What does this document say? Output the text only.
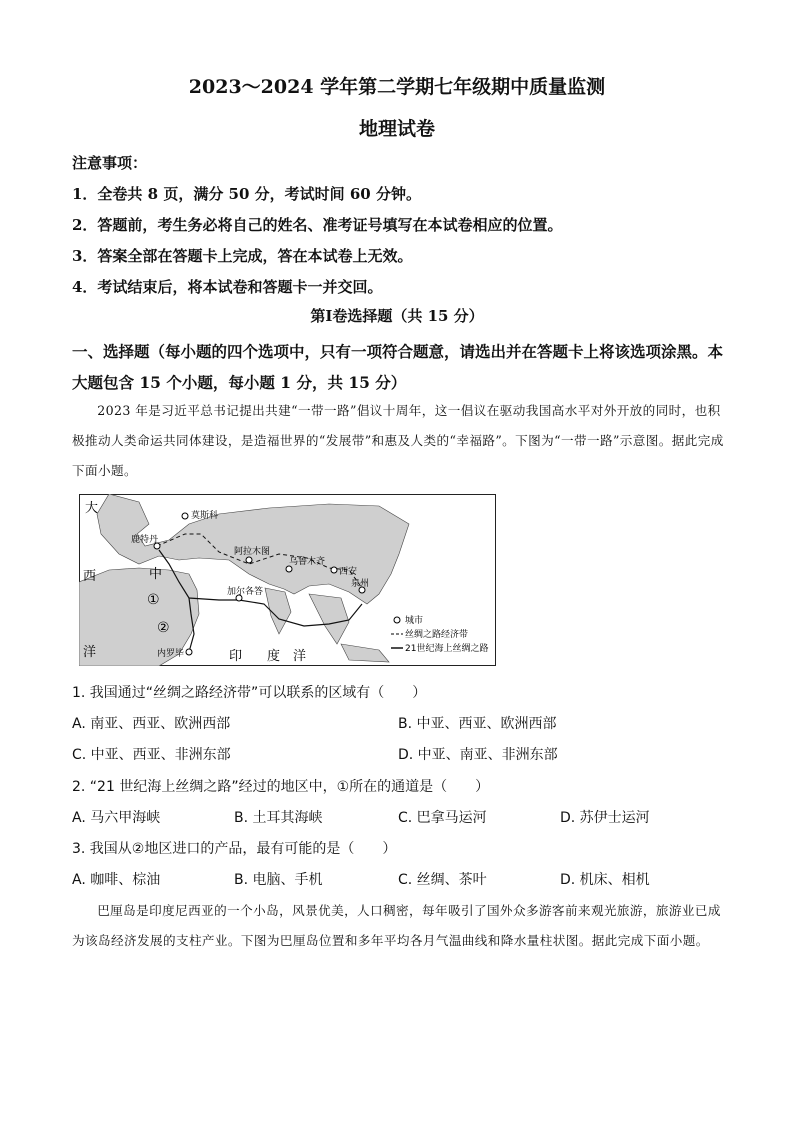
2023～2024 学年第二学期七年级期中质量监测
地理试卷
注意事项：
1．全卷共 8 页，满分 50 分，考试时间 60 分钟。
2．答题前，考生务必将自己的姓名、准考证号填写在本试卷相应的位置。
3．答案全部在答题卡上完成，答在本试卷上无效。
4．考试结束后，将本试卷和答题卡一并交回。
第Ⅰ卷选择题（共 15 分）
一、选择题（每小题的四个选项中，只有一项符合题意，请选出并在答题卡上将该选项涂黑。本大题包含 15 个小题，每小题 1 分，共 15 分）
2023 年是习近平总书记提出共建“一带一路”倡议十周年，这一倡议在驱动我国高水平对外开放的同时，也积极推动人类命运共同体建设，是造福世界的“发展带”和惠及人类的“幸福路”。下图为“一带一路”示意图。据此完成下面小题。
莫斯科
鹿特丹
阿拉木图
乌鲁木齐
西安
泉州
加尔各答
内罗毕
大
西	中
洋	印 度 洋
①
②	城市
丝绸之路经济带
21世纪海上丝绸之路
1. 我国通过“丝绸之路经济带”可以联系的区域有（　　）
A. 南亚、西亚、欧洲西部	B. 中亚、西亚、欧洲西部
C. 中亚、西亚、非洲东部	D. 中亚、南亚、非洲东部
2. “21 世纪海上丝绸之路”经过的地区中，①所在的通道是（　　）
A. 马六甲海峡	B. 土耳其海峡	C. 巴拿马运河	D. 苏伊士运河
3. 我国从②地区进口的产品，最有可能的是（　　）
A. 咖啡、棕油	B. 电脑、手机	C. 丝绸、茶叶	D. 机床、相机
巴厘岛是印度尼西亚的一个小岛，风景优美，人口稠密，每年吸引了国外众多游客前来观光旅游，旅游业已成为该岛经济发展的支柱产业。下图为巴厘岛位置和多年平均各月气温曲线和降水量柱状图。据此完成下面小题。
